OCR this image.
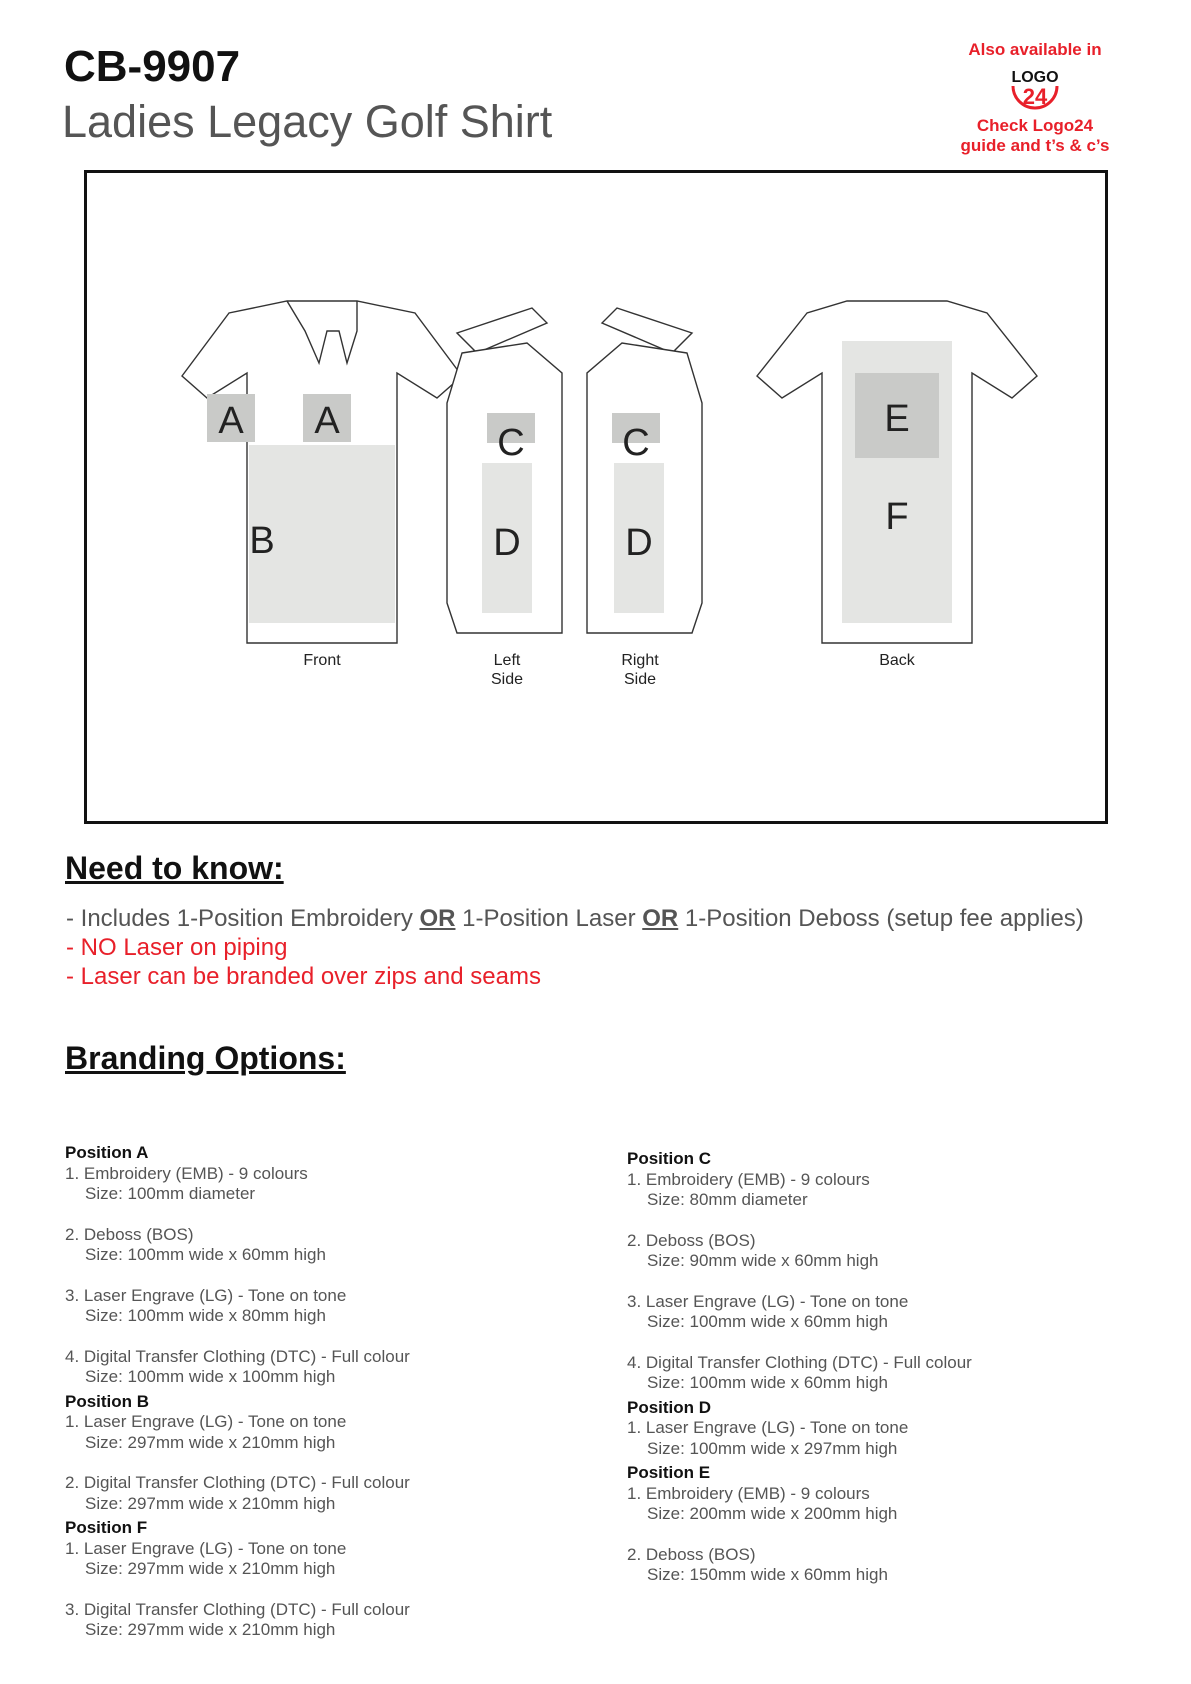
CB-9907
Ladies Legacy Golf Shirt
Also available in
LOGO
24
Check Logo24
guide and t’s & c’s
A A
B
C	C
D	D
E
F
Front	Left
Side
Right
Side
Back
Need to know:

- Includes 1-Position Embroidery OR 1-Position Laser OR 1-Position Deboss (setup fee applies)

- NO Laser on piping

- Laser can be branded over zips and seams

Branding Options:
Position A
1. Embroidery (EMB) - 9 colours
Size: 100mm diameter
2. Deboss (BOS)
Size: 100mm wide x 60mm high
3. Laser Engrave (LG) - Tone on tone
Size: 100mm wide x 80mm high
4. Digital Transfer Clothing (DTC) - Full colour
Size: 100mm wide x 100mm high
Position B
1. Laser Engrave (LG) - Tone on tone
Size: 297mm wide x 210mm high
2. Digital Transfer Clothing (DTC) - Full colour
Size: 297mm wide x 210mm high
Position F
1. Laser Engrave (LG) - Tone on tone
Size: 297mm wide x 210mm high
3. Digital Transfer Clothing (DTC) - Full colour
Size: 297mm wide x 210mm high
Position C
1. Embroidery (EMB) - 9 colours
Size: 80mm diameter
2. Deboss (BOS)
Size: 90mm wide x 60mm high
3. Laser Engrave (LG) - Tone on tone
Size: 100mm wide x 60mm high
4. Digital Transfer Clothing (DTC) - Full colour
Size: 100mm wide x 60mm high
Position D
1. Laser Engrave (LG) - Tone on tone
Size: 100mm wide x 297mm high
Position E
1. Embroidery (EMB) - 9 colours
Size: 200mm wide x 200mm high
2. Deboss (BOS)
Size: 150mm wide x 60mm high
